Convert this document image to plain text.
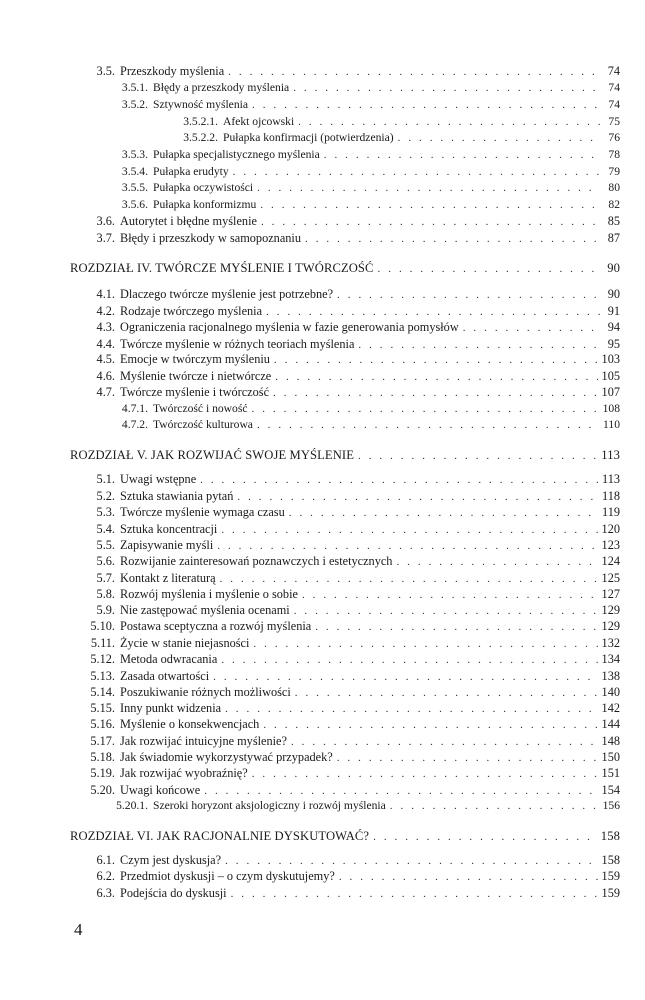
3.5. Przeszkody myślenia . . .	74
3.5.1. Błędy a przeszkody myślenia . . .	74
3.5.2. Sztywność myślenia . . .	74
3.5.2.1. Afekt ojcowski . . .	75
3.5.2.2. Pułapka konfirmacji (potwierdzenia) . . .	76
3.5.3. Pułapka specjalistycznego myślenia . . .	78
3.5.4. Pułapka erudyty . . .	79
3.5.5. Pułapka oczywistości . . .	80
3.5.6. Pułapka konformizmu . . .	82
3.6. Autorytet i błędne myślenie . . .	85
3.7. Błędy i przeszkody w samopoznaniu . . .	87
ROZDZIAŁ IV. TWÓRCZE MYŚLENIE I TWÓRCZOŚĆ . . .	90
4.1. Dlaczego twórcze myślenie jest potrzebne? . . .	90
4.2. Rodzaje twórczego myślenia . . .	91
4.3. Ograniczenia racjonalnego myślenia w fazie generowania pomysłów . . .	94
4.4. Twórcze myślenie w różnych teoriach myślenia . . .	95
4.5. Emocje w twórczym myśleniu . . .	103
4.6. Myślenie twórcze i nietwórcze . . .	105
4.7. Twórcze myślenie i twórczość . . .	107
4.7.1. Twórczość i nowość . . .	108
4.7.2. Twórczość kulturowa . . .	110
ROZDZIAŁ V. JAK ROZWIJAĆ SWOJE MYŚLENIE . . .	113
5.1. Uwagi wstępne . . .	113
5.2. Sztuka stawiania pytań . . .	118
5.3. Twórcze myślenie wymaga czasu . . .	119
5.4. Sztuka koncentracji . . .	120
5.5. Zapisywanie myśli . . .	123
5.6. Rozwijanie zainteresowań poznawczych i estetycznych . . .	124
5.7. Kontakt z literaturą . . .	125
5.8. Rozwój myślenia i myślenie o sobie . . .	127
5.9. Nie zastępować myślenia ocenami . . .	129
5.10. Postawa sceptyczna a rozwój myślenia . . .	129
5.11. Życie w stanie niejasności . . .	132
5.12. Metoda odwracania . . .	134
5.13. Zasada otwartości . . .	138
5.14. Poszukiwanie różnych możliwości . . .	140
5.15. Inny punkt widzenia . . .	142
5.16. Myślenie o konsekwencjach . . .	144
5.17. Jak rozwijać intuicyjne myślenie? . . .	148
5.18. Jak świadomie wykorzystywać przypadek? . . .	150
5.19. Jak rozwijać wyobraźnię? . . .	151
5.20. Uwagi końcowe . . .	154
5.20.1. Szeroki horyzont aksjologiczny i rozwój myślenia . . .	156
ROZDZIAŁ VI. JAK RACJONALNIE DYSKUTOWAĆ? . . .	158
6.1. Czym jest dyskusja? . . .	158
6.2. Przedmiot dyskusji – o czym dyskutujemy? . . .	159
6.3. Podejścia do dyskusji . . .	159
4
